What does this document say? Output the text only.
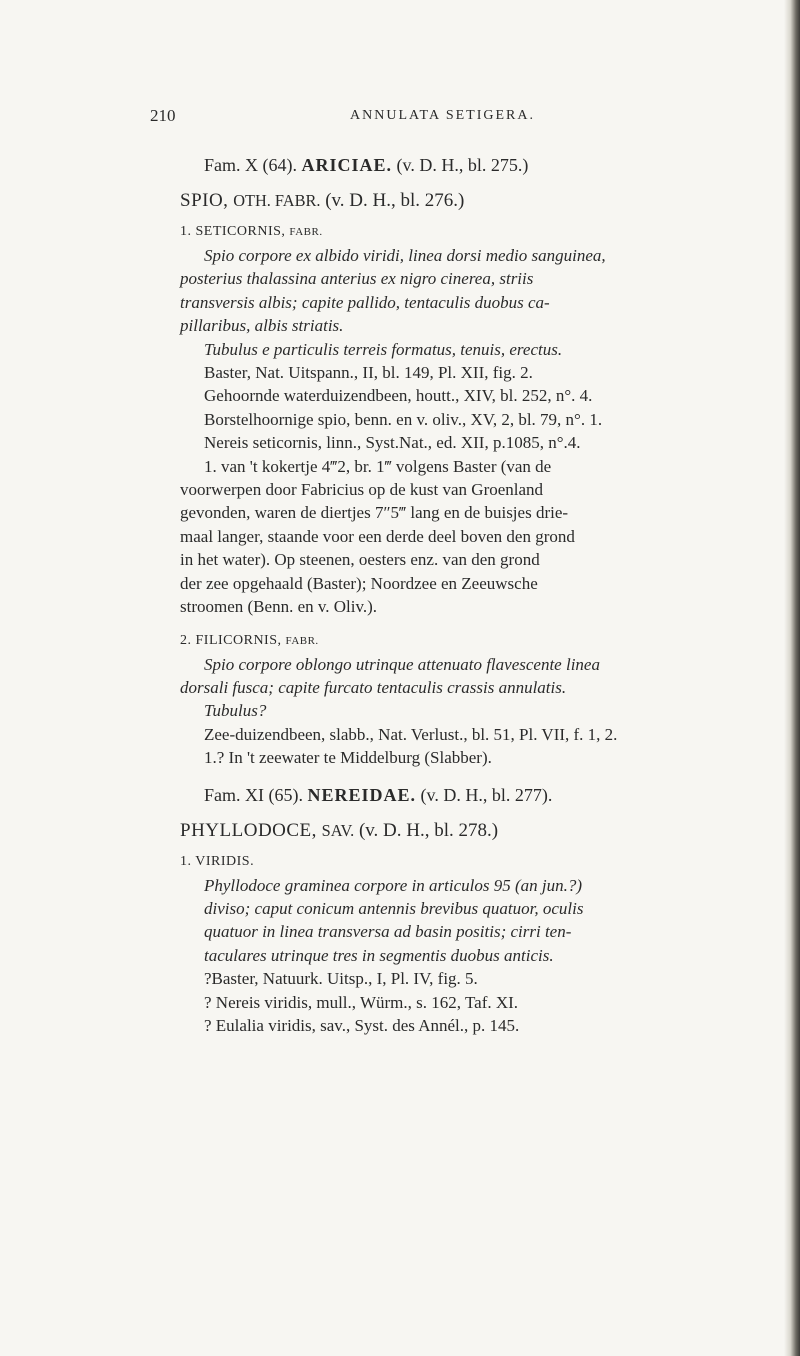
210	ANNULATA SETIGERA.
Fam. X (64). ARICIAE. (v. D. H., bl. 275.)
SPIO, OTH. FABR. (v. D. H., bl. 276.)

1. SETICORNIS, FABR.

Spio corpore ex albido viridi, linea dorsi medio sanguinea,

posterius thalassina anterius ex nigro cinerea, striis

transversis albis; capite pallido, tentaculis duobus ca-

pillaribus, albis striatis.

Tubulus e particulis terreis formatus, tenuis, erectus.

Baster, Nat. Uitspann., II, bl. 149, Pl. XII, fig. 2.

Gehoornde waterduizendbeen, houtt., XIV, bl. 252, n°. 4.

Borstelhoornige spio, benn. en v. oliv., XV, 2, bl. 79, n°. 1.

Nereis seticornis, linn., Syst.Nat., ed. XII, p.1085, n°.4.

1. van 't kokertje 4‴2, br. 1‴ volgens Baster (van de

voorwerpen door Fabricius op de kust van Groenland

gevonden, waren de diertjes 7″5‴ lang en de buisjes drie-

maal langer, staande voor een derde deel boven den grond

in het water). Op steenen, oesters enz. van den grond

der zee opgehaald (Baster); Noordzee en Zeeuwsche

stroomen (Benn. en v. Oliv.).

2. FILICORNIS, FABR.

Spio corpore oblongo utrinque attenuato flavescente linea

dorsali fusca; capite furcato tentaculis crassis annulatis.

Tubulus?

Zee-duizendbeen, slabb., Nat. Verlust., bl. 51, Pl. VII, f. 1, 2.

1.? In 't zeewater te Middelburg (Slabber).

Fam. XI (65). NEREIDAE. (v. D. H., bl. 277).
PHYLLODOCE, SAV. (v. D. H., bl. 278.)

1. VIRIDIS.

Phyllodoce graminea corpore in articulos 95 (an jun.?)

diviso; caput conicum antennis brevibus quatuor, oculis

quatuor in linea transversa ad basin positis; cirri ten-

taculares utrinque tres in segmentis duobus anticis.

?Baster, Natuurk. Uitsp., I, Pl. IV, fig. 5.

? Nereis viridis, mull., Würm., s. 162, Taf. XI.

? Eulalia viridis, sav., Syst. des Annél., p. 145.
